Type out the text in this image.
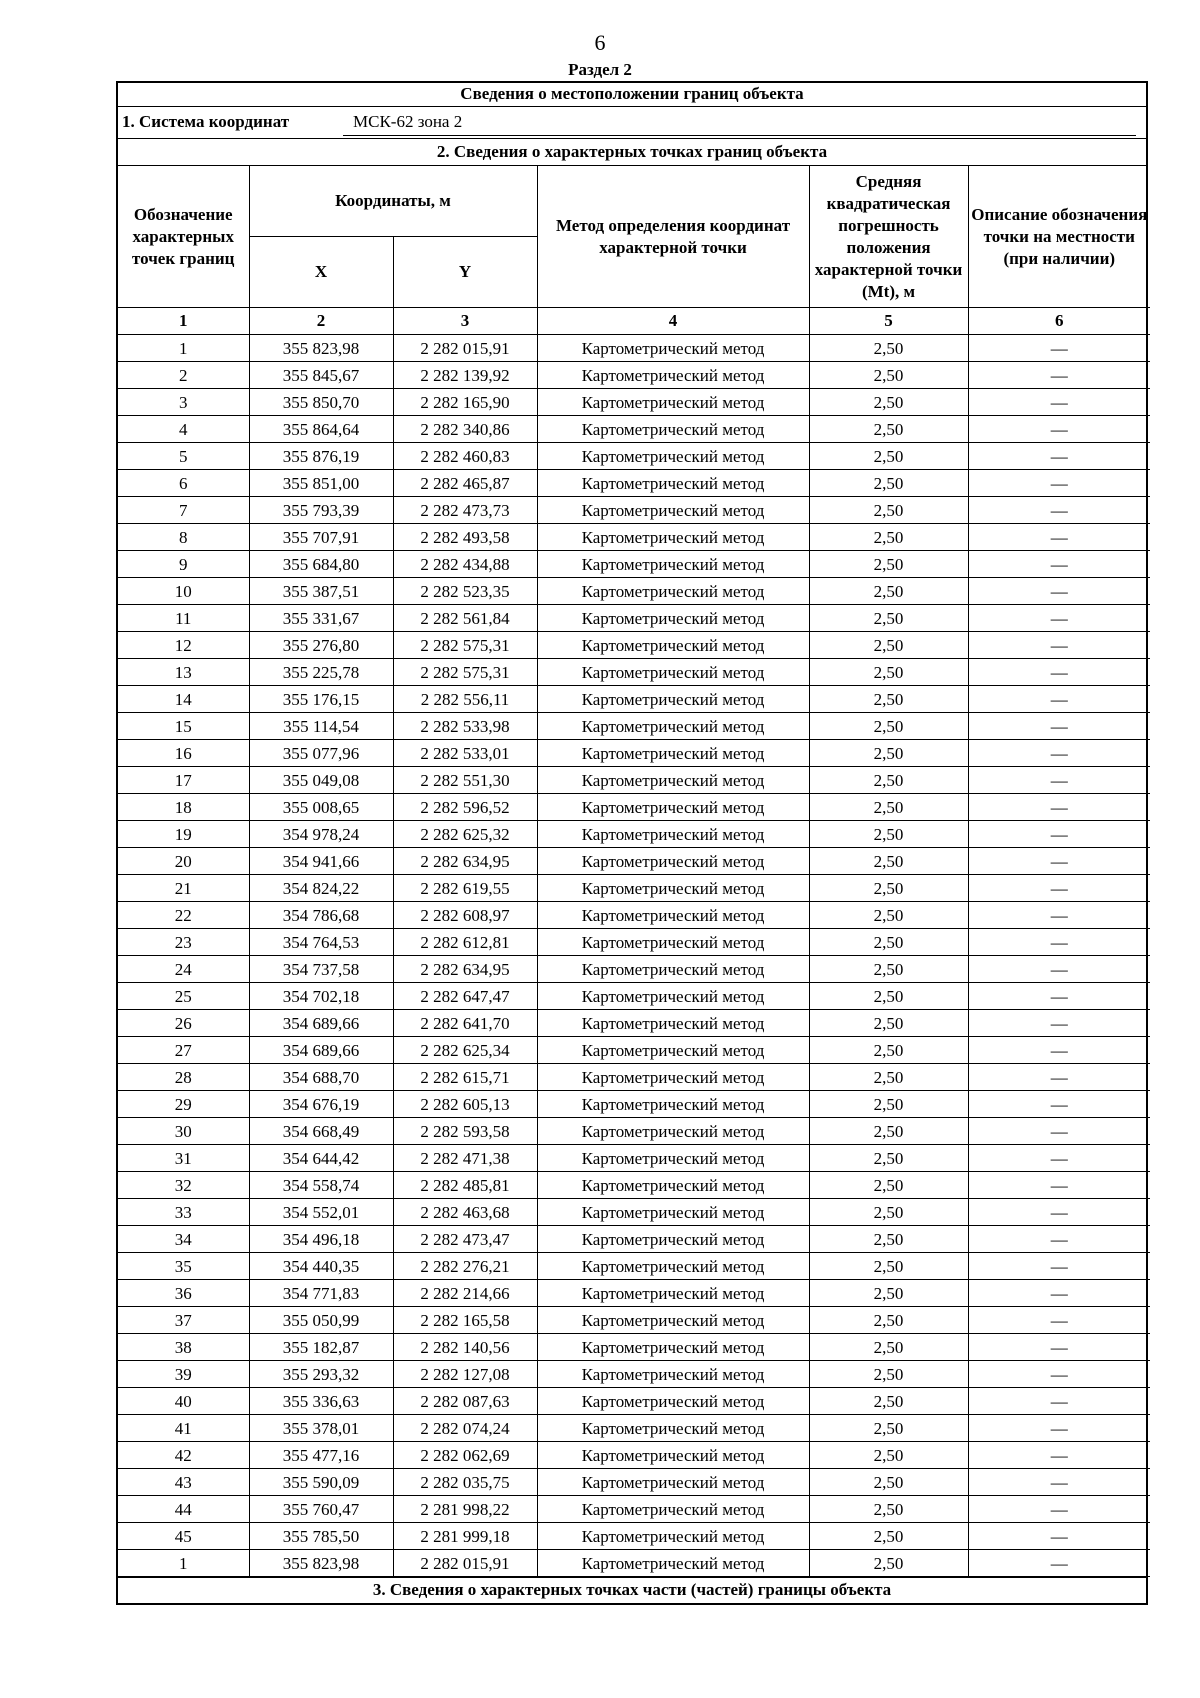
6
Раздел 2
Сведения о местоположении границ объекта
1. Система координат	МСК-62 зона 2
2. Сведения о характерных точках границ объекта
Обозначение характерных точек границ	Координаты, м		Метод определения координат характерной точки	Средняя квадратическая погрешность положения характерной точки (Mt), м	Описание обозначения точки на местности (при наличии)
	X	Y			
1	2	3	4	5	6
1	355 823,98	2 282 015,91	Картометрический метод	2,50	—
2	355 845,67	2 282 139,92	Картометрический метод	2,50	—
3	355 850,70	2 282 165,90	Картометрический метод	2,50	—
4	355 864,64	2 282 340,86	Картометрический метод	2,50	—
5	355 876,19	2 282 460,83	Картометрический метод	2,50	—
6	355 851,00	2 282 465,87	Картометрический метод	2,50	—
7	355 793,39	2 282 473,73	Картометрический метод	2,50	—
8	355 707,91	2 282 493,58	Картометрический метод	2,50	—
9	355 684,80	2 282 434,88	Картометрический метод	2,50	—
10	355 387,51	2 282 523,35	Картометрический метод	2,50	—
11	355 331,67	2 282 561,84	Картометрический метод	2,50	—
12	355 276,80	2 282 575,31	Картометрический метод	2,50	—
13	355 225,78	2 282 575,31	Картометрический метод	2,50	—
14	355 176,15	2 282 556,11	Картометрический метод	2,50	—
15	355 114,54	2 282 533,98	Картометрический метод	2,50	—
16	355 077,96	2 282 533,01	Картометрический метод	2,50	—
17	355 049,08	2 282 551,30	Картометрический метод	2,50	—
18	355 008,65	2 282 596,52	Картометрический метод	2,50	—
19	354 978,24	2 282 625,32	Картометрический метод	2,50	—
20	354 941,66	2 282 634,95	Картометрический метод	2,50	—
21	354 824,22	2 282 619,55	Картометрический метод	2,50	—
22	354 786,68	2 282 608,97	Картометрический метод	2,50	—
23	354 764,53	2 282 612,81	Картометрический метод	2,50	—
24	354 737,58	2 282 634,95	Картометрический метод	2,50	—
25	354 702,18	2 282 647,47	Картометрический метод	2,50	—
26	354 689,66	2 282 641,70	Картометрический метод	2,50	—
27	354 689,66	2 282 625,34	Картометрический метод	2,50	—
28	354 688,70	2 282 615,71	Картометрический метод	2,50	—
29	354 676,19	2 282 605,13	Картометрический метод	2,50	—
30	354 668,49	2 282 593,58	Картометрический метод	2,50	—
31	354 644,42	2 282 471,38	Картометрический метод	2,50	—
32	354 558,74	2 282 485,81	Картометрический метод	2,50	—
33	354 552,01	2 282 463,68	Картометрический метод	2,50	—
34	354 496,18	2 282 473,47	Картометрический метод	2,50	—
35	354 440,35	2 282 276,21	Картометрический метод	2,50	—
36	354 771,83	2 282 214,66	Картометрический метод	2,50	—
37	355 050,99	2 282 165,58	Картометрический метод	2,50	—
38	355 182,87	2 282 140,56	Картометрический метод	2,50	—
39	355 293,32	2 282 127,08	Картометрический метод	2,50	—
40	355 336,63	2 282 087,63	Картометрический метод	2,50	—
41	355 378,01	2 282 074,24	Картометрический метод	2,50	—
42	355 477,16	2 282 062,69	Картометрический метод	2,50	—
43	355 590,09	2 282 035,75	Картометрический метод	2,50	—
44	355 760,47	2 281 998,22	Картометрический метод	2,50	—
45	355 785,50	2 281 999,18	Картометрический метод	2,50	—
1	355 823,98	2 282 015,91	Картометрический метод	2,50	—
3. Сведения о характерных точках части (частей) границы объекта
